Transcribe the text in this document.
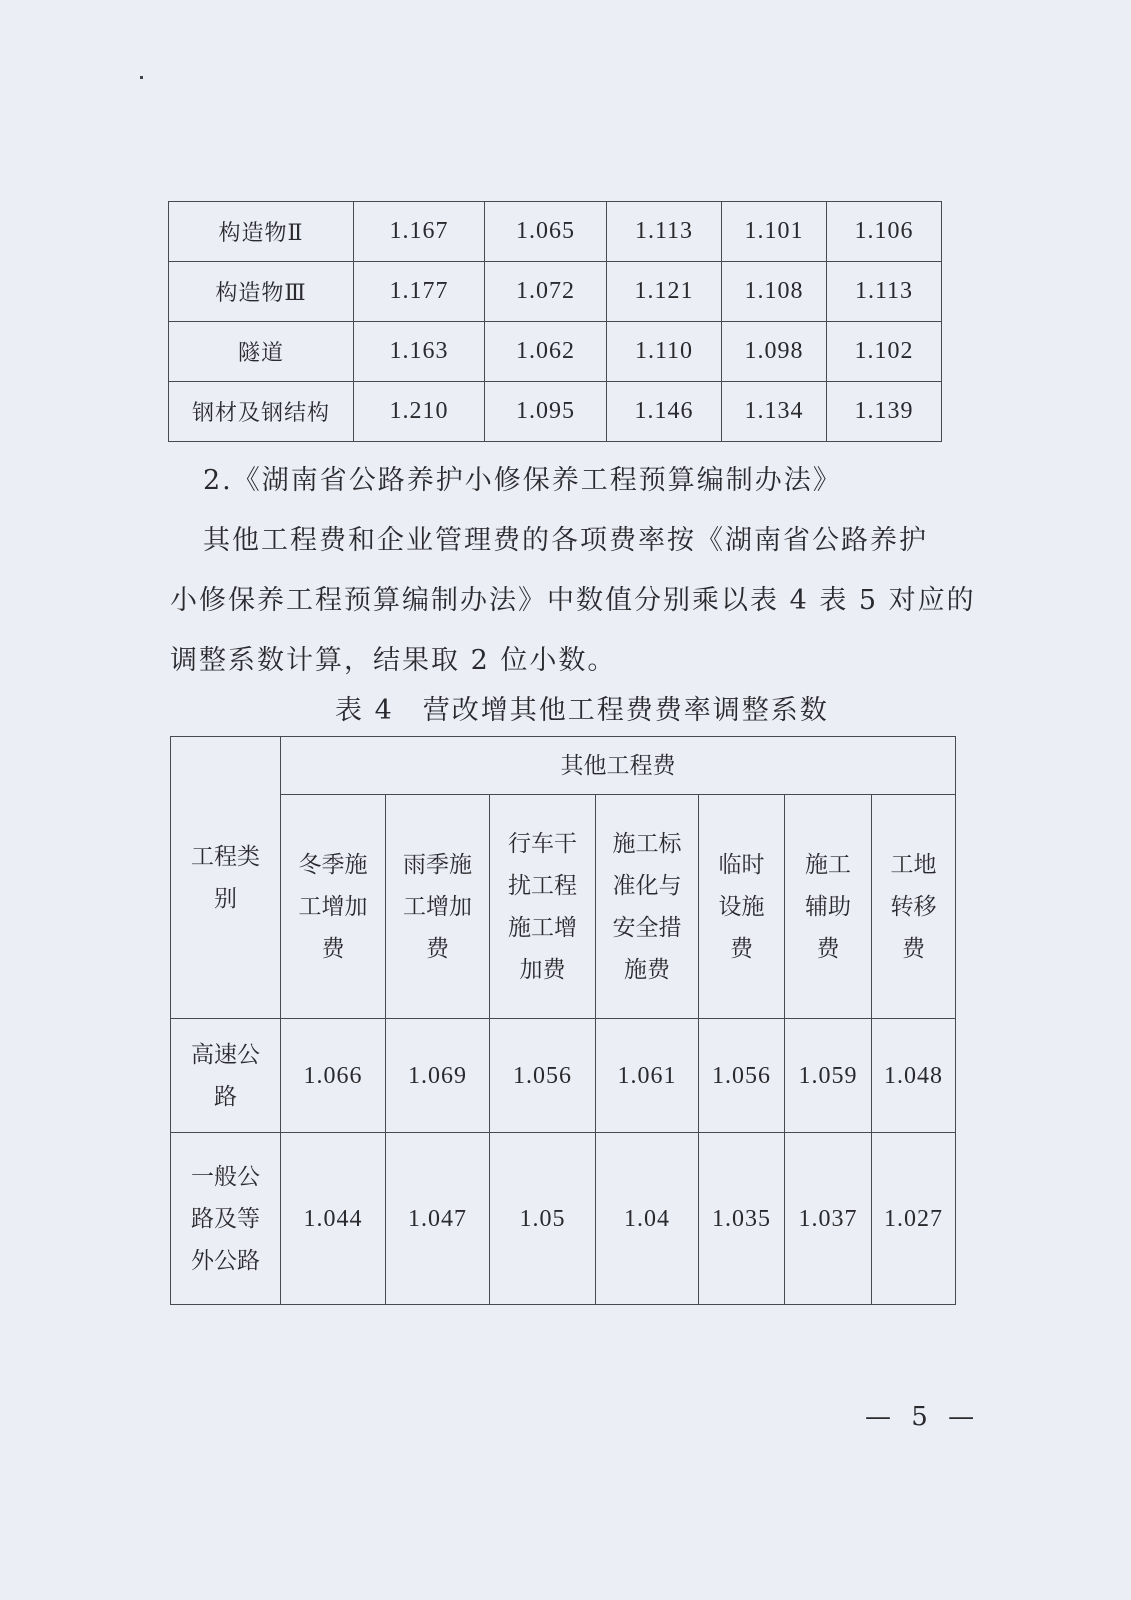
构造物Ⅱ	1.167	1.065	1.113	1.101	1.106
构造物Ⅲ	1.177	1.072	1.121	1.108	1.113
隧道	1.163	1.062	1.110	1.098	1.102
钢材及钢结构	1.210	1.095	1.146	1.134	1.139
2.《湖南省公路养护小修保养工程预算编制办法》
其他工程费和企业管理费的各项费率按《湖南省公路养护
小修保养工程预算编制办法》中数值分别乘以表 4 表 5 对应的
调整系数计算，结果取 2 位小数。
表 4　营改增其他工程费费率调整系数
工程类别	其他工程费						
	冬季施工增加费	雨季施工增加费	行车干扰工程施工增加费	施工标准化与安全措施费	临时设施费	施工辅助费	工地转移费
高速公路	1.066	1.069	1.056	1.061	1.056	1.059	1.048
一般公路及等外公路	1.044	1.047	1.05	1.04	1.035	1.037	1.027
— 5 —
